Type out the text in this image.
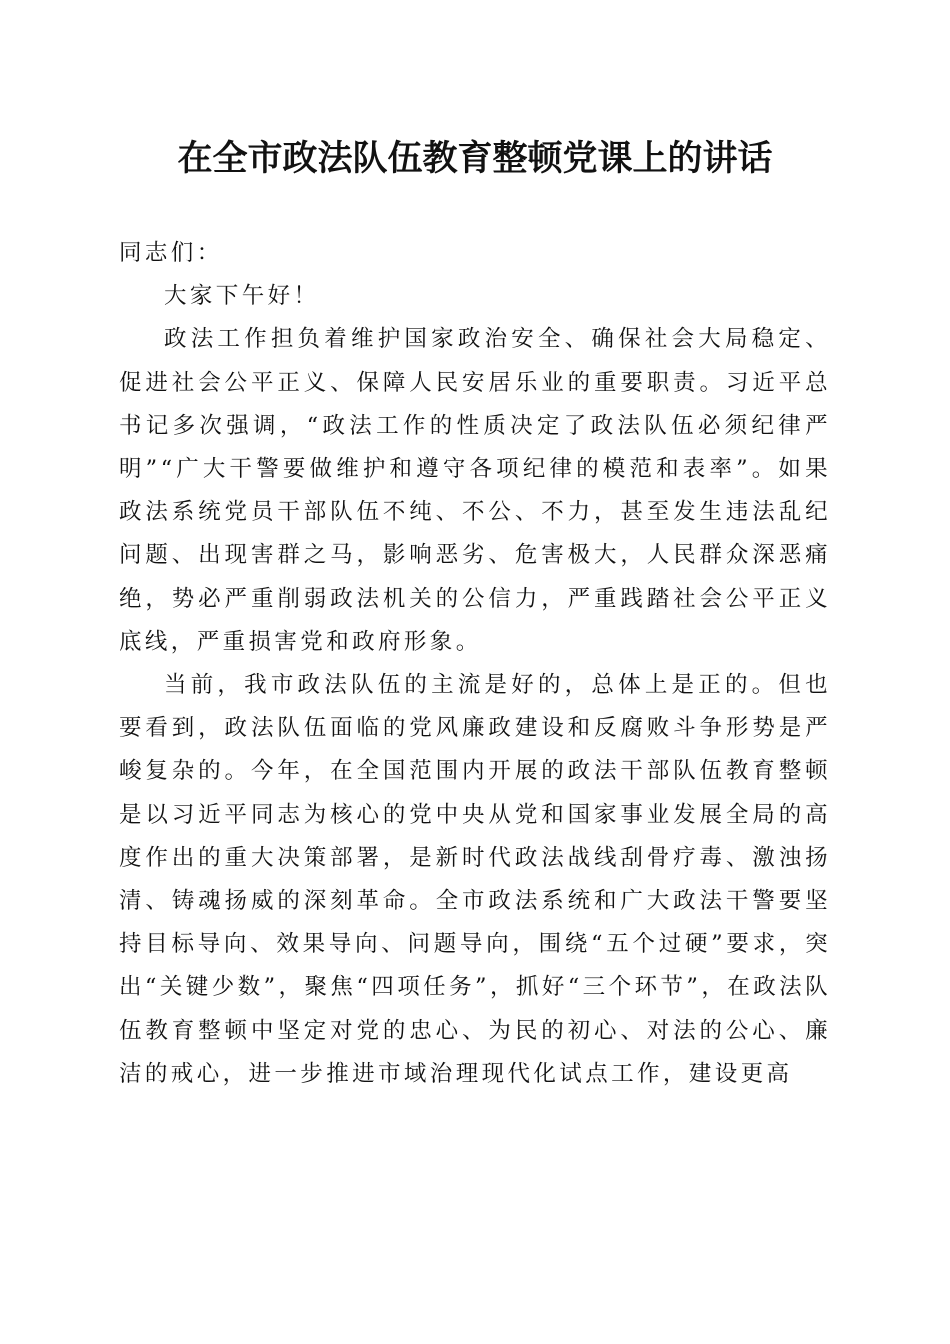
在全市政法队伍教育整顿党课上的讲话

同志们：

大家下午好！

政法工作担负着维护国家政治安全、确保社会大局稳定、促进社会公平正义、保障人民安居乐业的重要职责。习近平总书记多次强调，“政法工作的性质决定了政法队伍必须纪律严明”“广大干警要做维护和遵守各项纪律的模范和表率”。如果政法系统党员干部队伍不纯、不公、不力，甚至发生违法乱纪问题、出现害群之马，影响恶劣、危害极大，人民群众深恶痛绝，势必严重削弱政法机关的公信力，严重践踏社会公平正义底线，严重损害党和政府形象。

当前，我市政法队伍的主流是好的，总体上是正的。但也要看到，政法队伍面临的党风廉政建设和反腐败斗争形势是严峻复杂的。今年，在全国范围内开展的政法干部队伍教育整顿是以习近平同志为核心的党中央从党和国家事业发展全局的高度作出的重大决策部署，是新时代政法战线刮骨疗毒、激浊扬清、铸魂扬威的深刻革命。全市政法系统和广大政法干警要坚持目标导向、效果导向、问题导向，围绕“五个过硬”要求，突出“关键少数”，聚焦“四项任务”，抓好“三个环节”，在政法队伍教育整顿中坚定对党的忠心、为民的初心、对法的公心、廉洁的戒心，进一步推进市域治理现代化试点工作，建设更高
